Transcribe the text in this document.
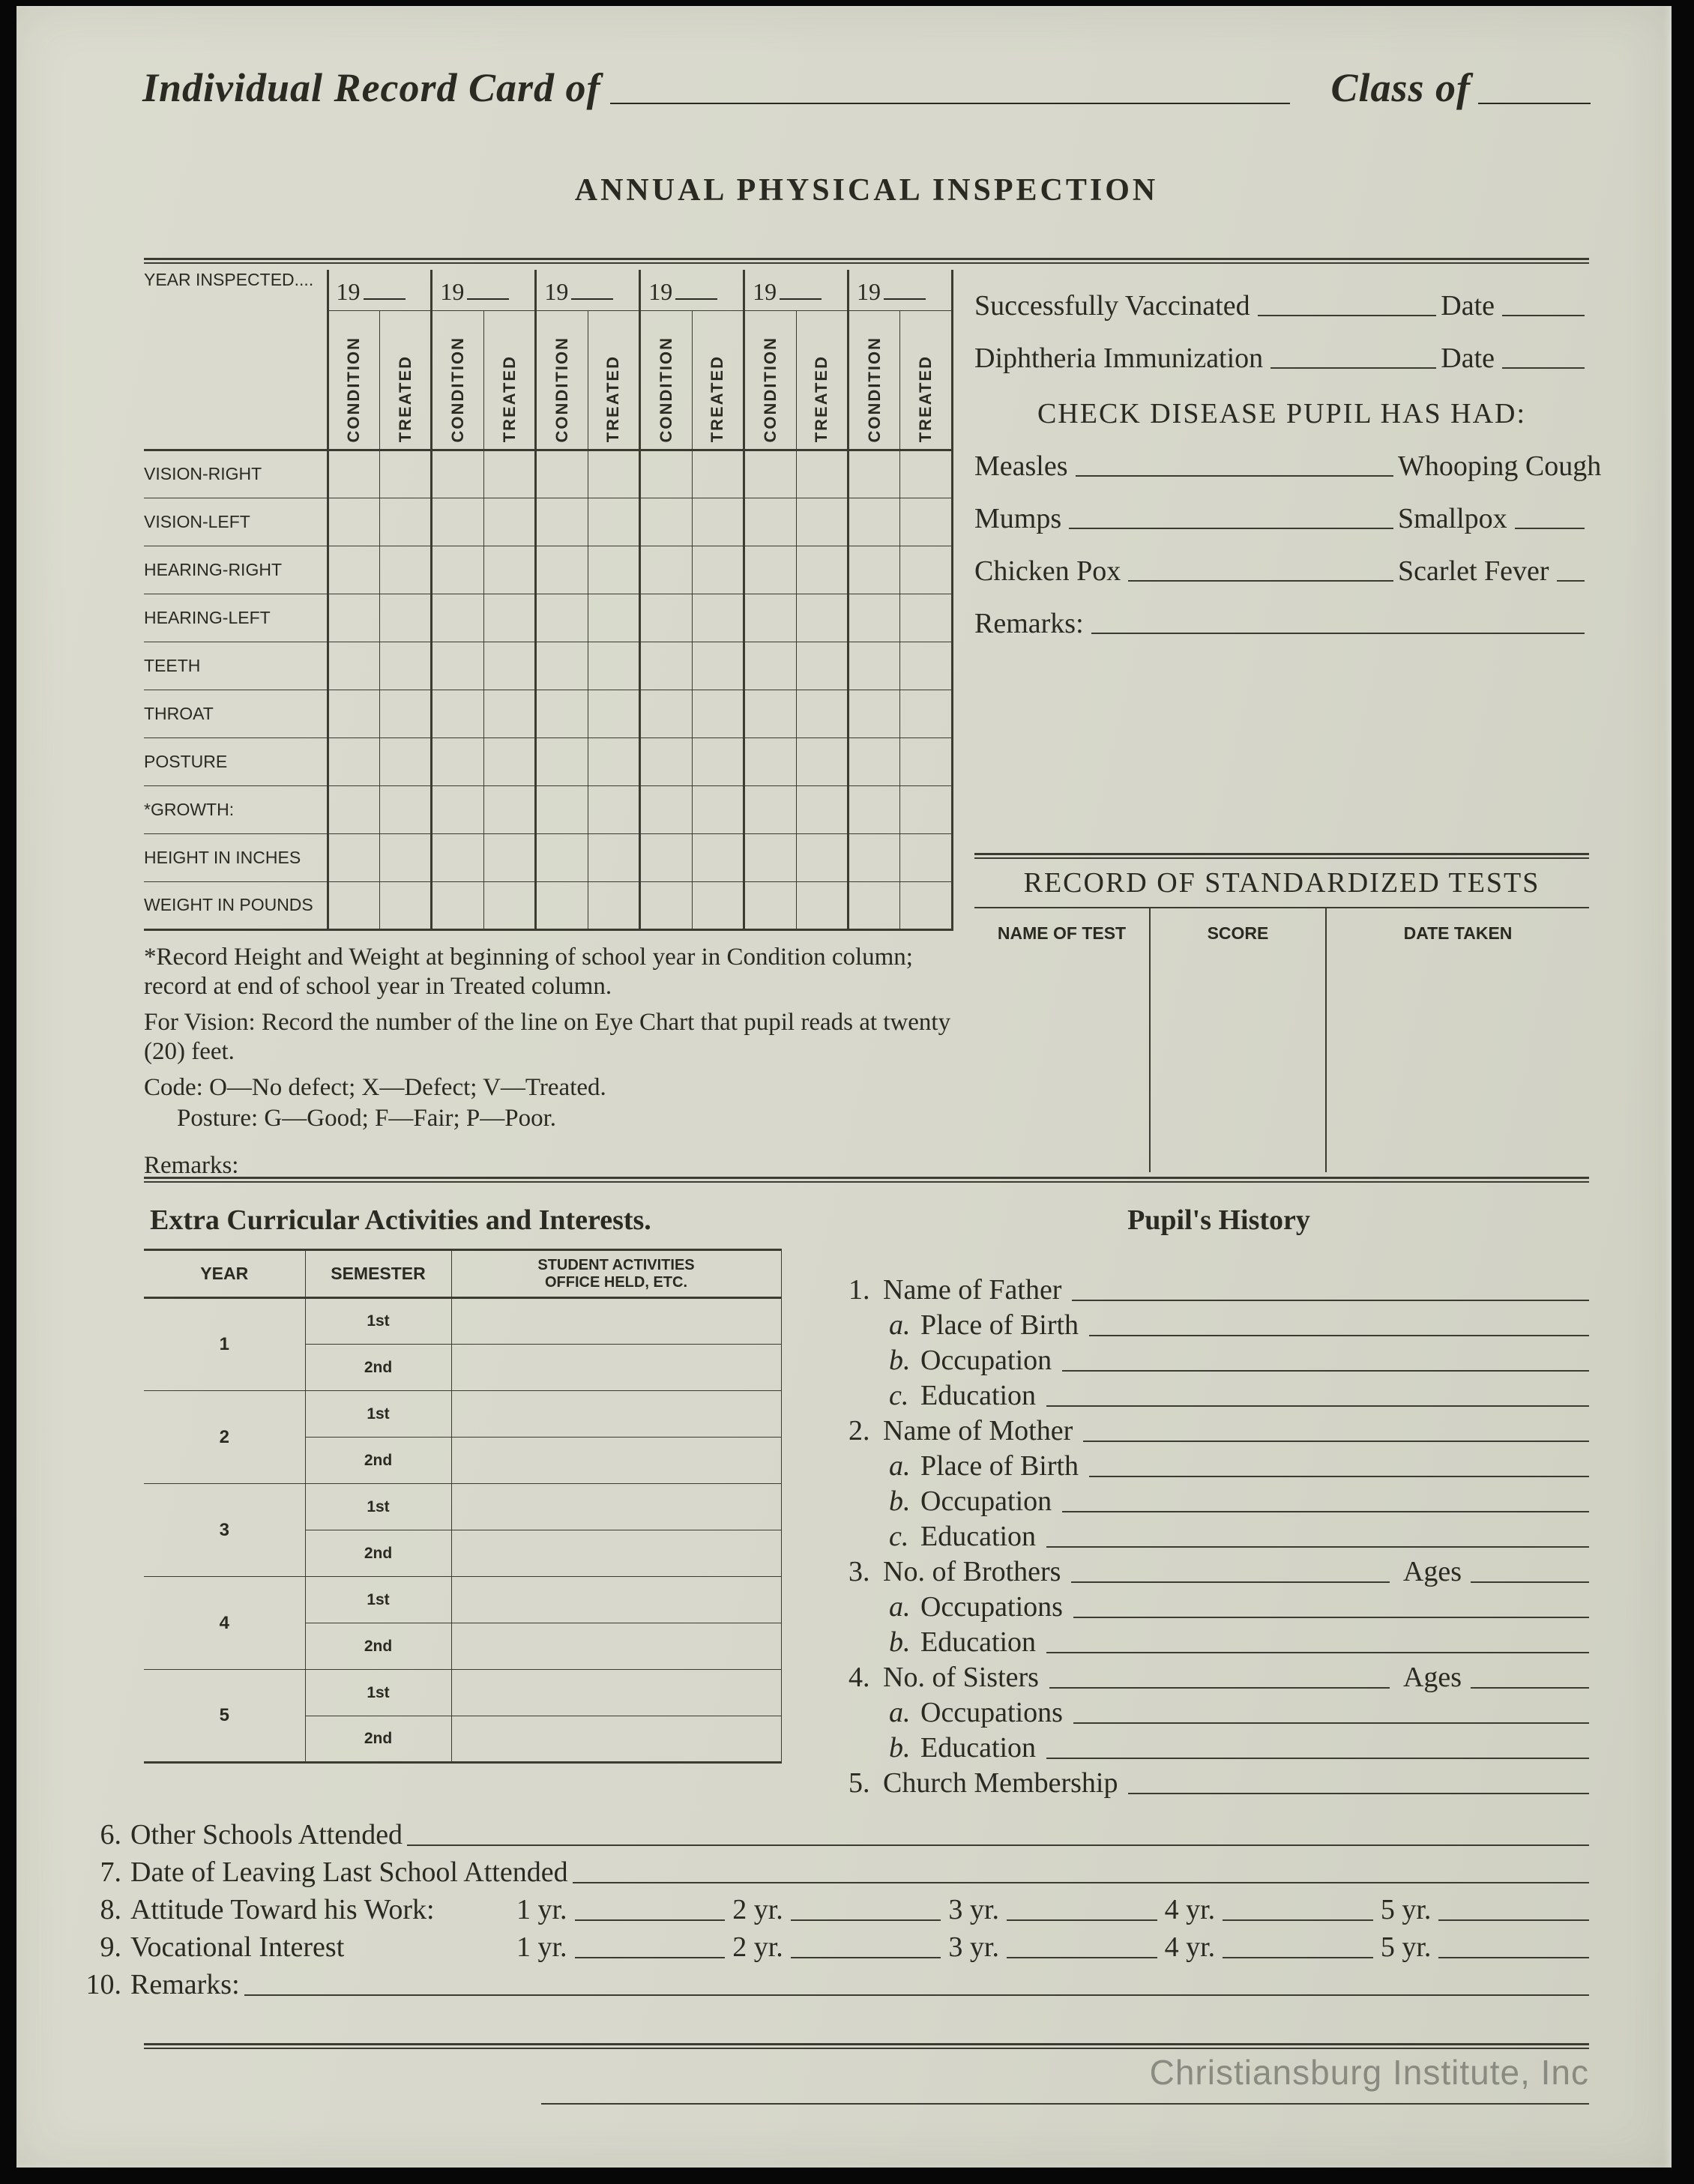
Individual Record Card of	Class of
ANNUAL PHYSICAL INSPECTION
YEAR INSPECTED....	19		19		19		19		19		19	

	CONDITION	TREATED	CONDITION	TREATED	CONDITION	TREATED	CONDITION	TREATED	CONDITION	TREATED	CONDITION	TREATED

VISION-RIGHT												
VISION-LEFT												
HEARING-RIGHT												
HEARING-LEFT												
TEETH												
THROAT												
POSTURE												
*GROWTH:												
HEIGHT IN INCHES												
WEIGHT IN POUNDS												

*Record Height and Weight at beginning of school year in Condition column; record at end of school year in Treated column.

For Vision: Record the number of the line on Eye Chart that pupil reads at twenty (20) feet.

Code: O—No defect; X—Defect; V—Treated.

Posture: G—Good; F—Fair; P—Poor.

Remarks:

Successfully Vaccinated	Date
Diphtheria Immunization	Date
CHECK DISEASE PUPIL HAS HAD:
Measles	Whooping Cough
Mumps	Smallpox
Chicken Pox	Scarlet Fever
Remarks:
RECORD OF STANDARDIZED TESTS
NAME OF TEST	SCORE	DATE TAKEN
Extra Curricular Activities and Interests.	Pupil's History
YEAR	SEMESTER	STUDENT ACTIVITIES
OFFICE HELD, ETC.

1	1st	
	2nd	
2	1st	
	2nd	
3	1st	
	2nd	
4	1st	
	2nd	
5	1st	
	2nd	
1. Name of Father
a. Place of Birth
b. Occupation
c. Education
2. Name of Mother
a. Place of Birth
b. Occupation
c. Education
3. No. of Brothers	Ages
a. Occupations
b. Education
4. No. of Sisters	Ages
a. Occupations
b. Education
5. Church Membership
6. Other Schools Attended
7. Date of Leaving Last School Attended
8. Attitude Toward his Work:	1 yr.	2 yr.	3 yr.	4 yr.	5 yr.
9. Vocational Interest	1 yr.	2 yr.	3 yr.	4 yr.	5 yr.
10. Remarks:
Christiansburg Institute, Inc
